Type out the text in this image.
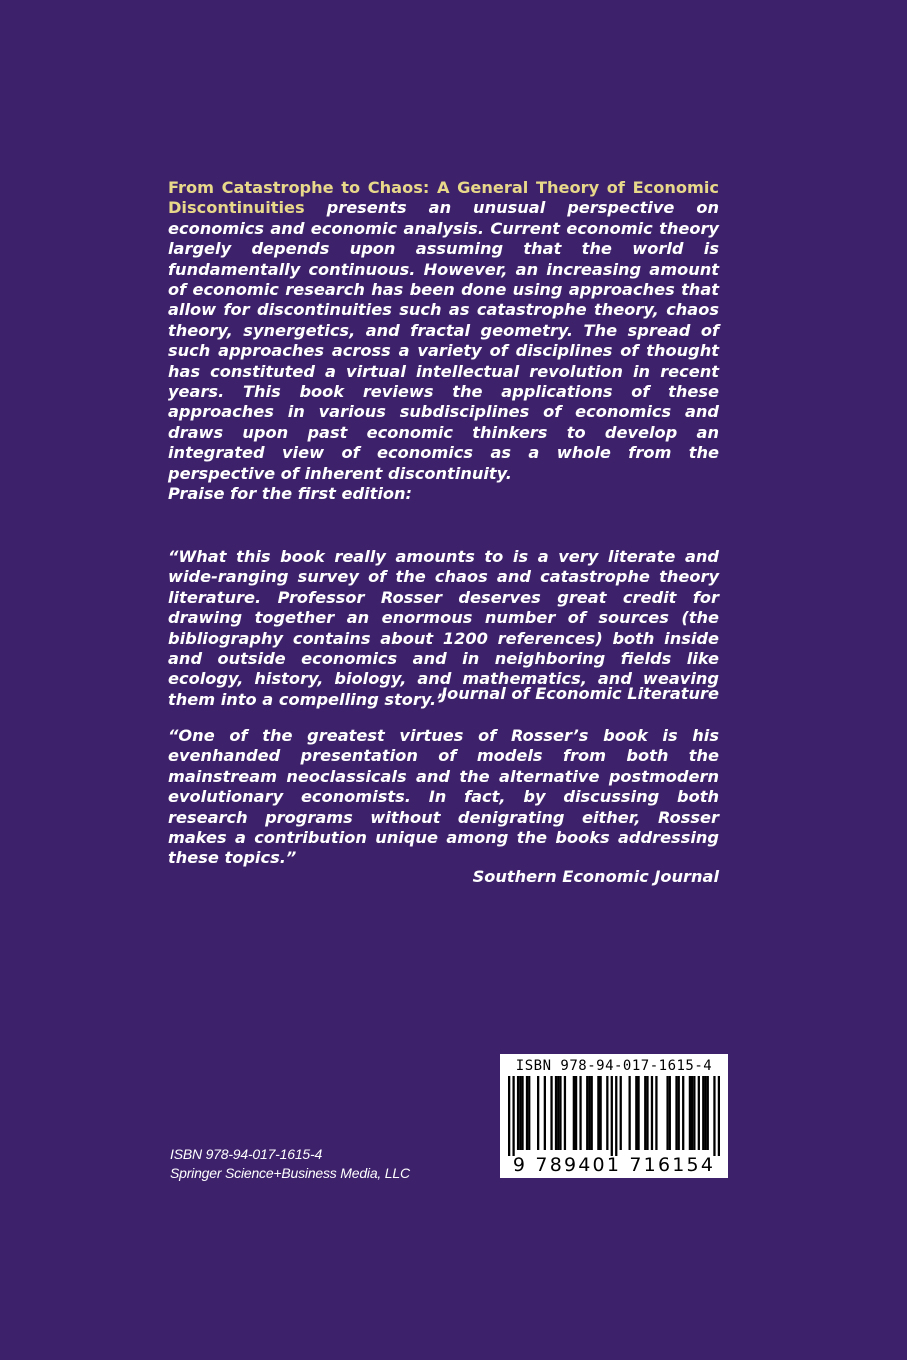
From Catastrophe to Chaos: A General Theory of Economic Discontinuities presents an unusual perspective on economics and economic analysis. Current economic theory largely depends upon assuming that the world is fundamentally continuous. However, an increasing amount of economic research has been done using approaches that allow for discontinuities such as catastrophe theory, chaos theory, synergetics, and fractal geometry. The spread of such approaches across a variety of disciplines of thought has constituted a virtual intellectual revolution in recent years. This book reviews the applications of these approaches in various subdisciplines of economics and draws upon past economic thinkers to develop an integrated view of economics as a whole from the perspective of inherent discontinuity.
Praise for the first edition:
“What this book really amounts to is a very literate and wide-ranging survey of the chaos and catastrophe theory literature. Professor Rosser deserves great credit for drawing together an enormous number of sources (the bibliography contains about 1200 references) both inside and outside economics and in neighboring fields like ecology, history, biology, and mathematics, and weaving them into a compelling story.”
Journal of Economic Literature
“One of the greatest virtues of Rosser’s book is his evenhanded presentation of models from both the mainstream neoclassicals and the alternative postmodern evolutionary economists. In fact, by discussing both research programs without denigrating either, Rosser makes a contribution unique among the books addressing these topics.”
Southern Economic Journal
ISBN 978-94-017-1615-4
Springer Science+Business Media, LLC
ISBN 978-94-017-1615-4
9 789401 716154
